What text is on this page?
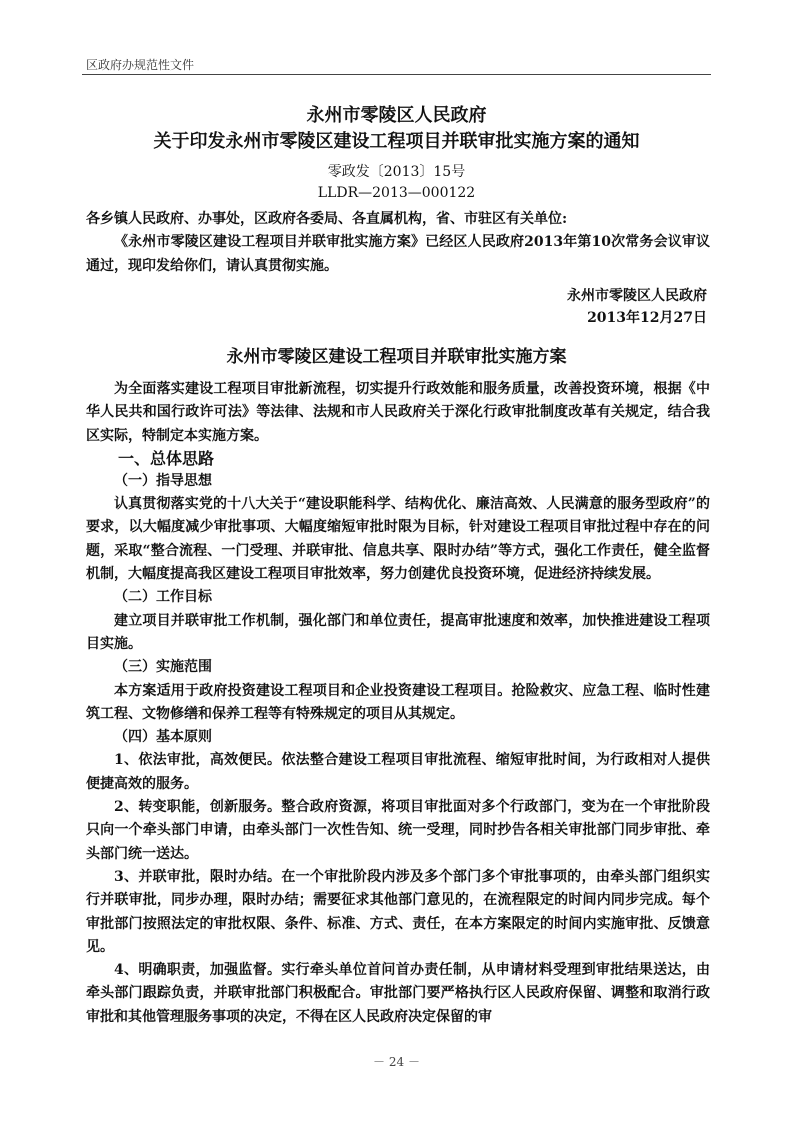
区政府办规范性文件
永州市零陵区人民政府
关于印发永州市零陵区建设工程项目并联审批实施方案的通知
零政发〔2013〕15号
LLDR—2013—000122

各乡镇人民政府、办事处，区政府各委局、各直属机构，省、市驻区有关单位:

《永州市零陵区建设工程项目并联审批实施方案》已经区人民政府2013年第10次常务会议审议通过，现印发给你们，请认真贯彻实施。

永州市零陵区人民政府
2013年12月27日
永州市零陵区建设工程项目并联审批实施方案

为全面落实建设工程项目审批新流程，切实提升行政效能和服务质量，改善投资环境，根据《中华人民共和国行政许可法》等法律、法规和市人民政府关于深化行政审批制度改革有关规定，结合我区实际，特制定本实施方案。

一、总体思路

（一）指导思想

认真贯彻落实党的十八大关于“建设职能科学、结构优化、廉洁高效、人民满意的服务型政府”的要求，以大幅度减少审批事项、大幅度缩短审批时限为目标，针对建设工程项目审批过程中存在的问题，采取“整合流程、一门受理、并联审批、信息共享、限时办结”等方式，强化工作责任，健全监督机制，大幅度提高我区建设工程项目审批效率，努力创建优良投资环境，促进经济持续发展。

（二）工作目标

建立项目并联审批工作机制，强化部门和单位责任，提高审批速度和效率，加快推进建设工程项目实施。

（三）实施范围

本方案适用于政府投资建设工程项目和企业投资建设工程项目。抢险救灾、应急工程、临时性建筑工程、文物修缮和保养工程等有特殊规定的项目从其规定。

（四）基本原则

1、依法审批，高效便民。依法整合建设工程项目审批流程、缩短审批时间，为行政相对人提供便捷高效的服务。

2、转变职能，创新服务。整合政府资源，将项目审批面对多个行政部门，变为在一个审批阶段只向一个牵头部门申请，由牵头部门一次性告知、统一受理，同时抄告各相关审批部门同步审批、牵头部门统一送达。

3、并联审批，限时办结。在一个审批阶段内涉及多个部门多个审批事项的，由牵头部门组织实行并联审批，同步办理，限时办结；需要征求其他部门意见的，在流程限定的时间内同步完成。每个审批部门按照法定的审批权限、条件、标准、方式、责任，在本方案限定的时间内实施审批、反馈意见。

4、明确职责，加强监督。实行牵头单位首问首办责任制，从申请材料受理到审批结果送达，由牵头部门跟踪负责，并联审批部门积极配合。审批部门要严格执行区人民政府保留、调整和取消行政审批和其他管理服务事项的决定，不得在区人民政府决定保留的审

－ 24 －
